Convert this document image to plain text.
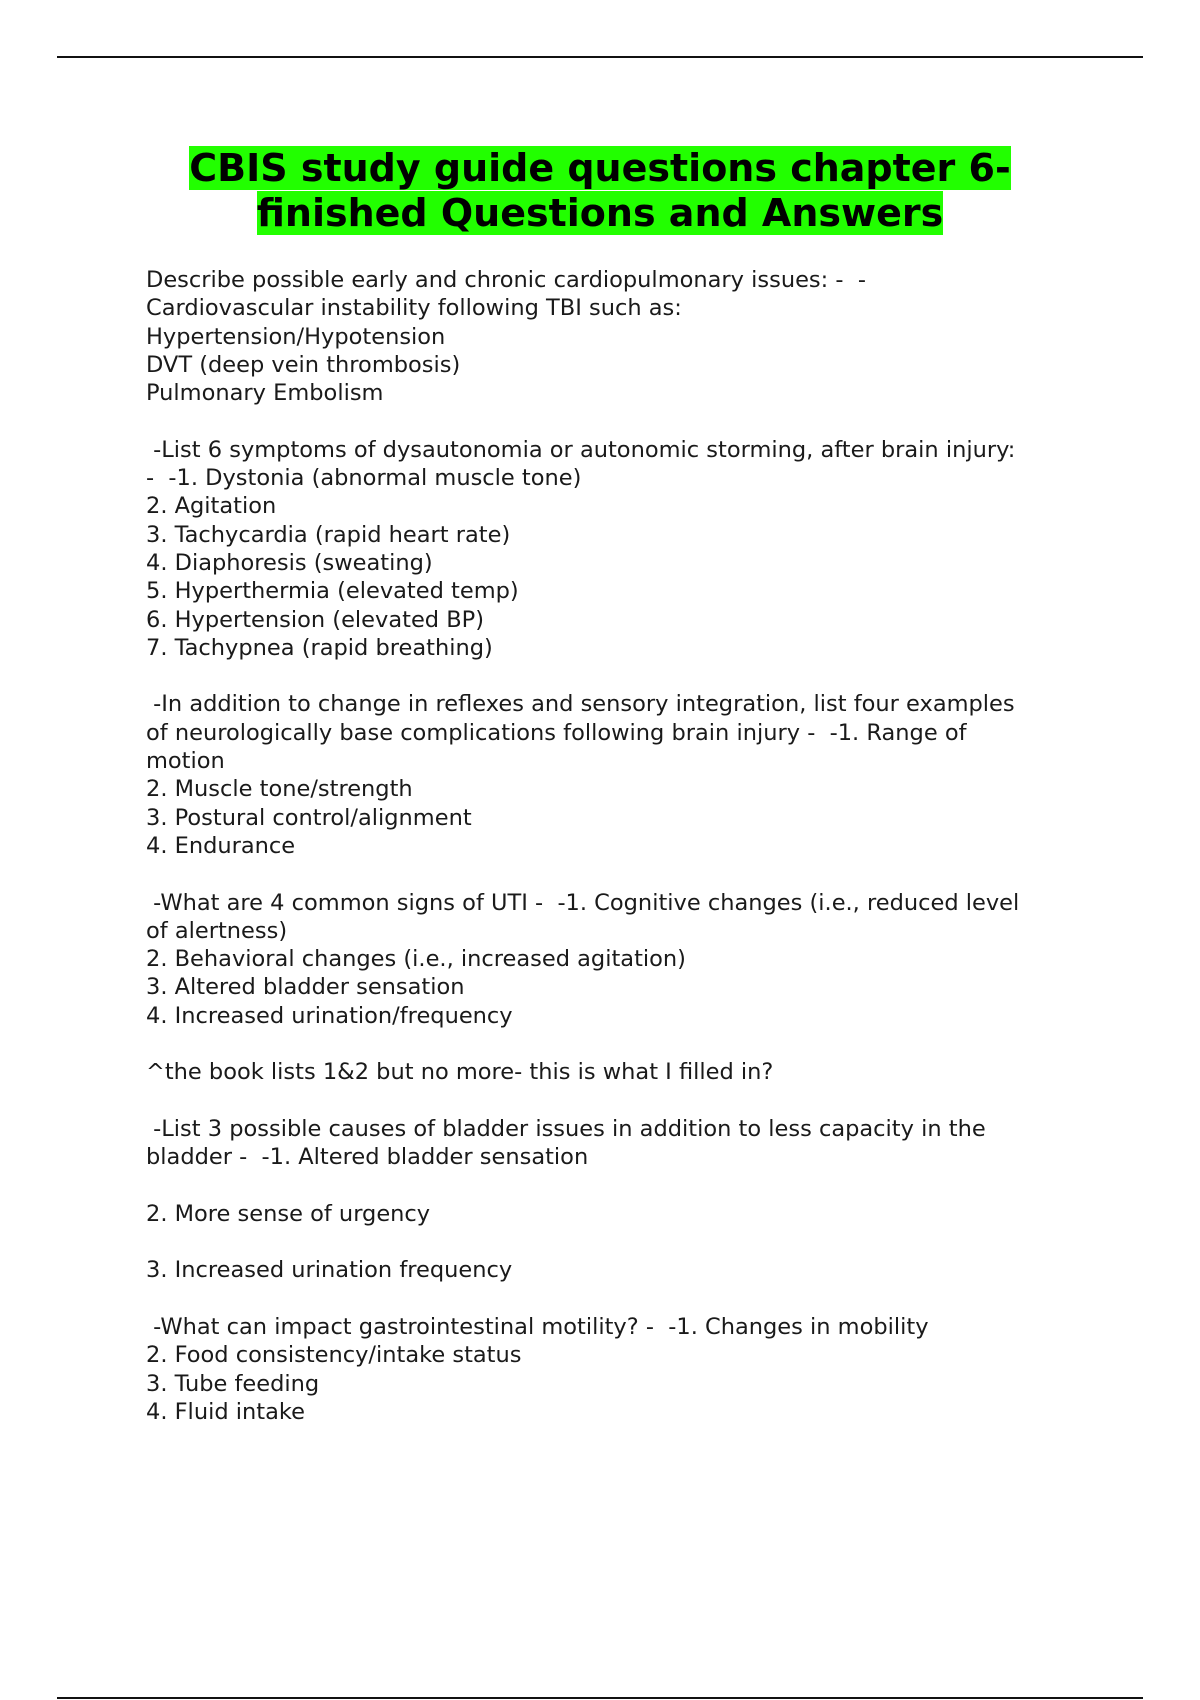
CBIS study guide questions chapter 6-
finished Questions and Answers
Describe possible early and chronic cardiopulmonary issues: -  -
Cardiovascular instability following TBI such as:
Hypertension/Hypotension
DVT (deep vein thrombosis)
Pulmonary Embolism
-List 6 symptoms of dysautonomia or autonomic storming, after brain injury:
-  -1. Dystonia (abnormal muscle tone)
2. Agitation
3. Tachycardia (rapid heart rate)
4. Diaphoresis (sweating)
5. Hyperthermia (elevated temp)
6. Hypertension (elevated BP)
7. Tachypnea (rapid breathing)
-In addition to change in reflexes and sensory integration, list four examples
of neurologically base complications following brain injury -  -1. Range of
motion
2. Muscle tone/strength
3. Postural control/alignment
4. Endurance
-What are 4 common signs of UTI -  -1. Cognitive changes (i.e., reduced level
of alertness)
2. Behavioral changes (i.e., increased agitation)
3. Altered bladder sensation
4. Increased urination/frequency
^the book lists 1&2 but no more- this is what I filled in?
-List 3 possible causes of bladder issues in addition to less capacity in the
bladder -  -1. Altered bladder sensation
2. More sense of urgency
3. Increased urination frequency
-What can impact gastrointestinal motility? -  -1. Changes in mobility
2. Food consistency/intake status
3. Tube feeding
4. Fluid intake
